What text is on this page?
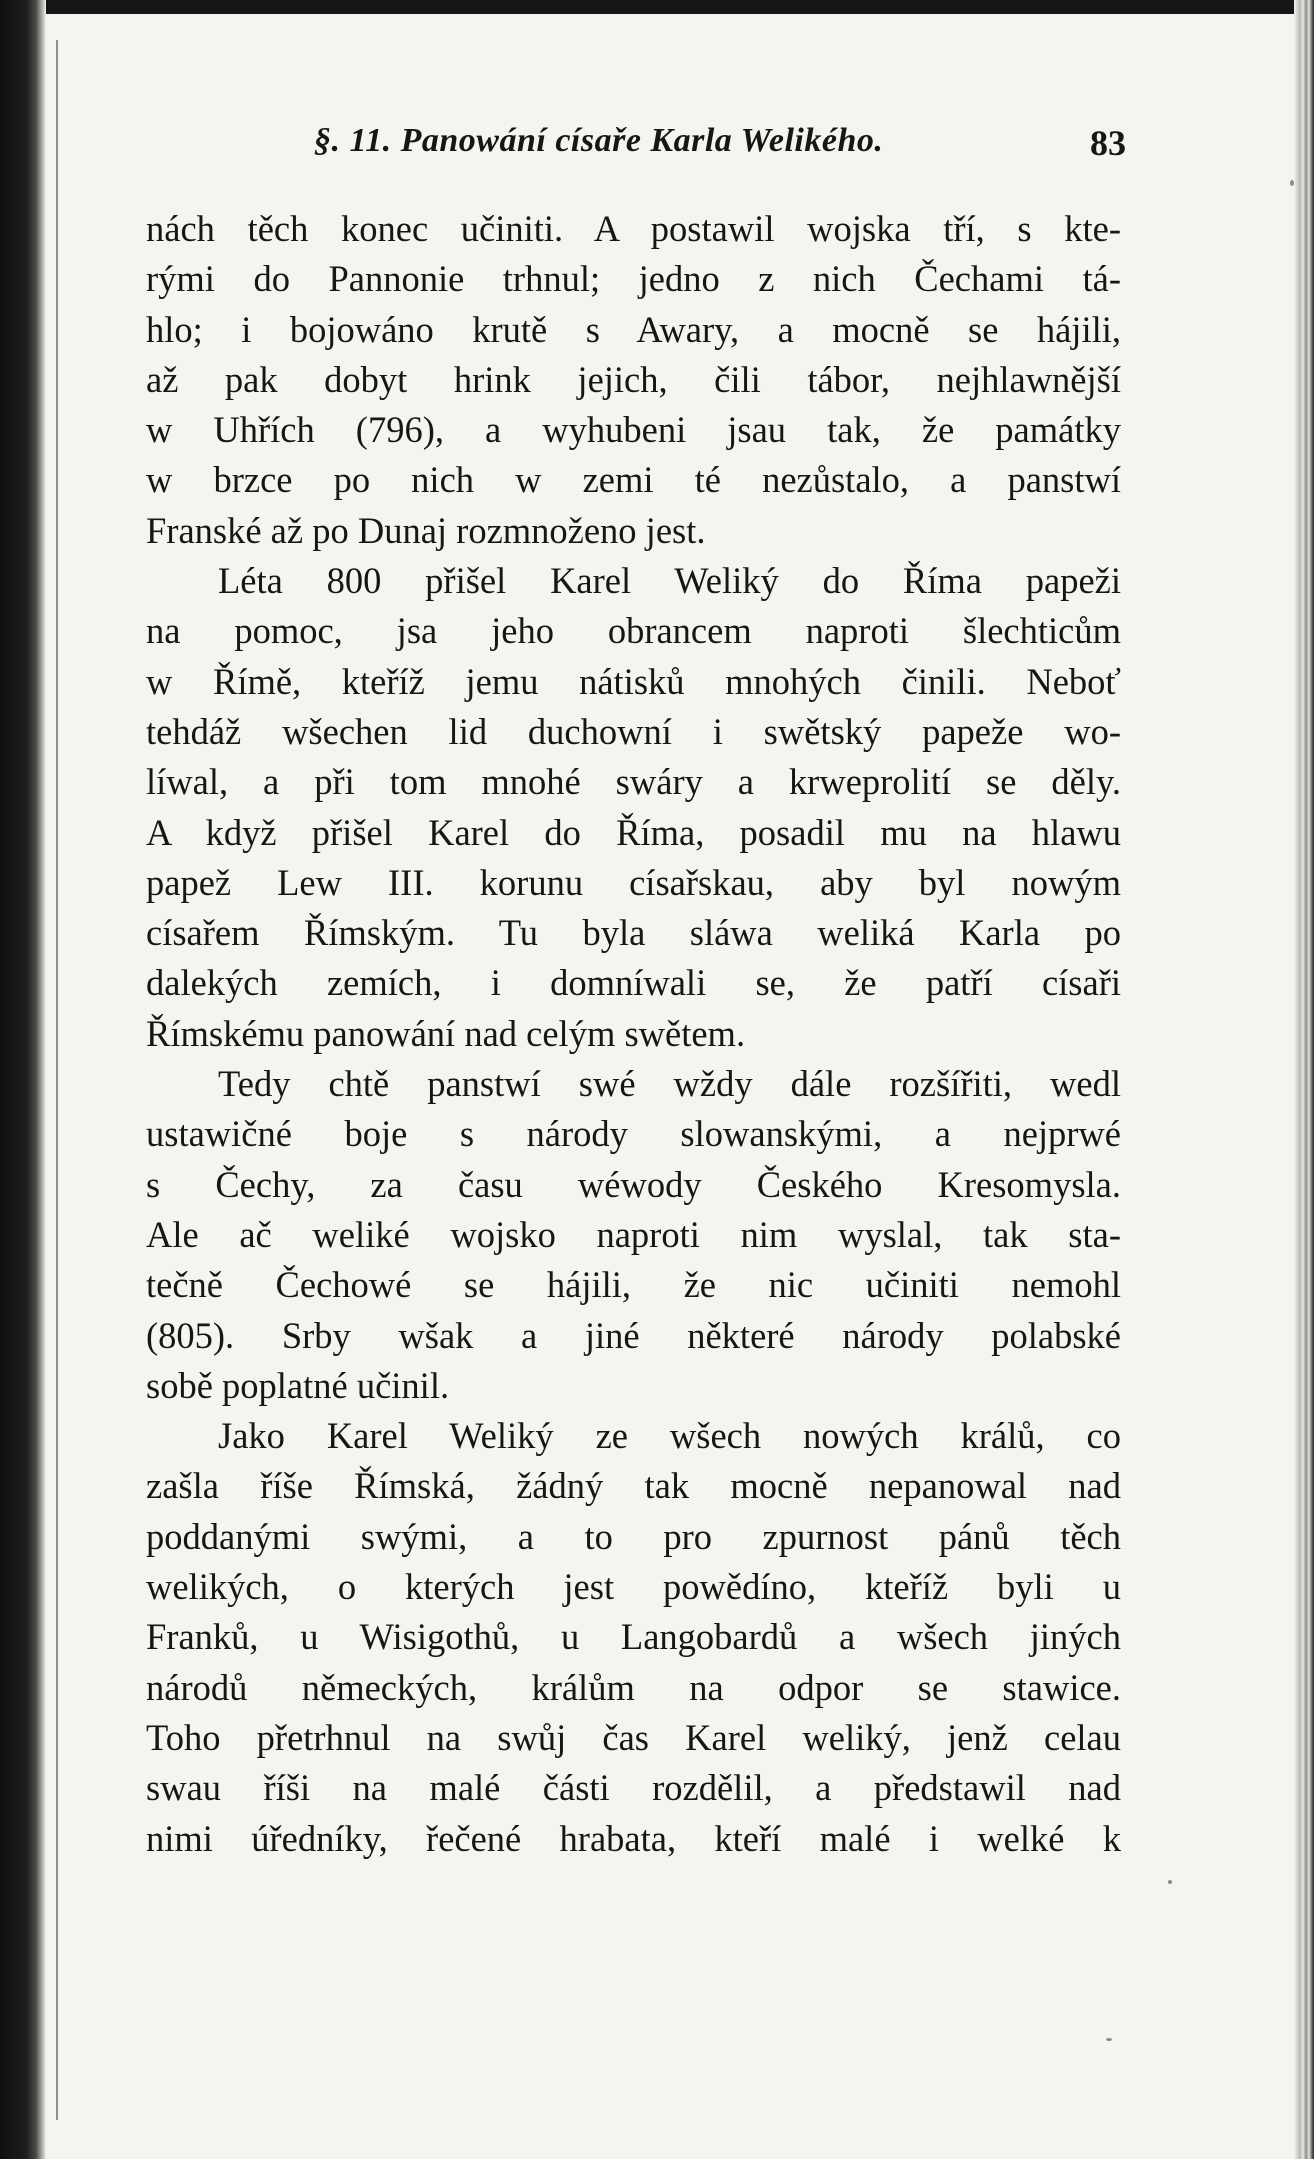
§. 11. Panowání císaře Karla Welikého.	83
nách těch konec učiniti. A postawil wojska tří, s kte-
rými do Pannonie trhnul; jedno z nich Čechami tá-
hlo; i bojowáno krutě s Awary, a mocně se hájili,
až pak dobyt hrink jejich, čili tábor, nejhlawnější
w Uhřích (796), a wyhubeni jsau tak, že památky
w brzce po nich w zemi té nezůstalo, a panstwí
Franské až po Dunaj rozmnoženo jest.
Léta 800 přišel Karel Weliký do Říma papeži
na pomoc, jsa jeho obrancem naproti šlechticům
w Římě, kteříž jemu nátisků mnohých činili. Neboť
tehdáž wšechen lid duchowní i swětský papeže wo-
líwal, a při tom mnohé swáry a krweprolití se děly.
A když přišel Karel do Říma, posadil mu na hlawu
papež Lew III. korunu císařskau, aby byl nowým
císařem Římským. Tu byla sláwa weliká Karla po
dalekých zemích, i domníwali se, že patří císaři
Římskému panowání nad celým swětem.
Tedy chtě panstwí swé wždy dále rozšířiti, wedl
ustawičné boje s národy slowanskými, a nejprwé
s Čechy, za času wéwody Českého Kresomysla.
Ale ač weliké wojsko naproti nim wyslal, tak sta-
tečně Čechowé se hájili, že nic učiniti nemohl
(805). Srby wšak a jiné některé národy polabské
sobě poplatné učinil.
Jako Karel Weliký ze wšech nowých králů, co
zašla říše Římská, žádný tak mocně nepanowal nad
poddanými swými, a to pro zpurnost pánů těch
welikých, o kterých jest powědíno, kteříž byli u
Franků, u Wisigothů, u Langobardů a wšech jiných
národů německých, králům na odpor se stawice.
Toho přetrhnul na swůj čas Karel weliký, jenž celau
swau říši na malé části rozdělil, a předstawil nad
nimi úředníky, řečené hrabata, kteří malé i welké k
